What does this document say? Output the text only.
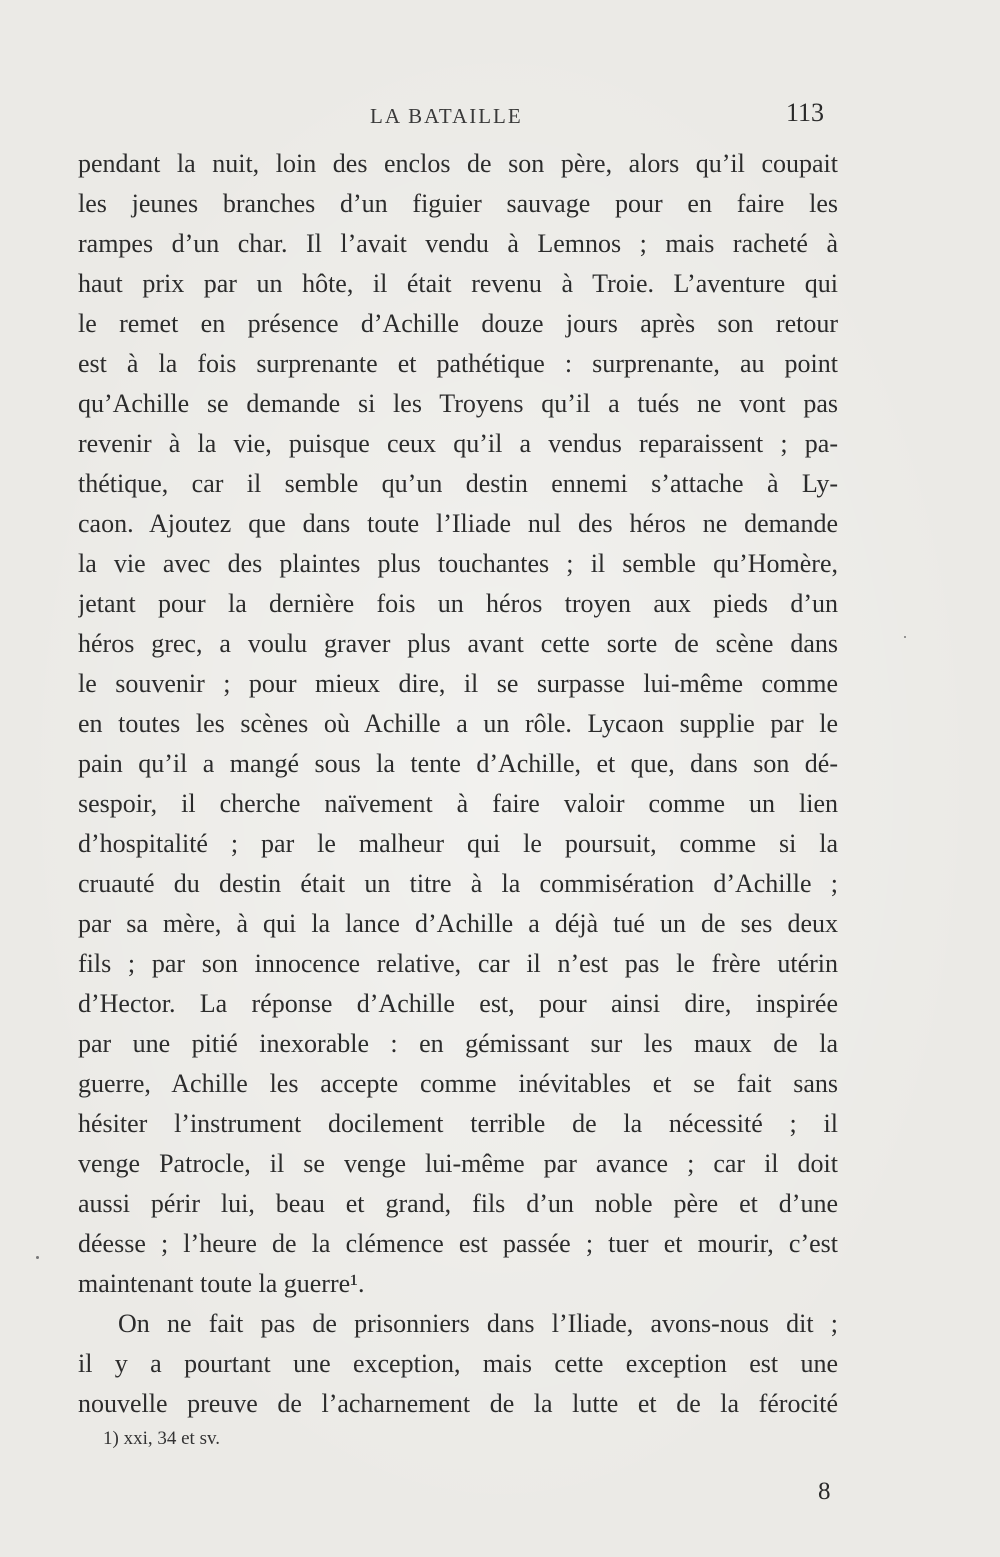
LA BATAILLE	113
pendant la nuit, loin des enclos de son père, alors qu’il coupait
les jeunes branches d’un figuier sauvage pour en faire les
rampes d’un char. Il l’avait vendu à Lemnos ; mais racheté à
haut prix par un hôte, il était revenu à Troie. L’aventure qui
le remet en présence d’Achille douze jours après son retour
est à la fois surprenante et pathétique : surprenante, au point
qu’Achille se demande si les Troyens qu’il a tués ne vont pas
revenir à la vie, puisque ceux qu’il a vendus reparaissent ; pa-
thétique, car il semble qu’un destin ennemi s’attache à Ly-
caon. Ajoutez que dans toute l’Iliade nul des héros ne demande
la vie avec des plaintes plus touchantes ; il semble qu’Homère,
jetant pour la dernière fois un héros troyen aux pieds d’un
héros grec, a voulu graver plus avant cette sorte de scène dans
le souvenir ; pour mieux dire, il se surpasse lui-même comme
en toutes les scènes où Achille a un rôle. Lycaon supplie par le
pain qu’il a mangé sous la tente d’Achille, et que, dans son dé-
sespoir, il cherche naïvement à faire valoir comme un lien
d’hospitalité ; par le malheur qui le poursuit, comme si la
cruauté du destin était un titre à la commisération d’Achille ;
par sa mère, à qui la lance d’Achille a déjà tué un de ses deux
fils ; par son innocence relative, car il n’est pas le frère utérin
d’Hector. La réponse d’Achille est, pour ainsi dire, inspirée
par une pitié inexorable : en gémissant sur les maux de la
guerre, Achille les accepte comme inévitables et se fait sans
hésiter l’instrument docilement terrible de la nécessité ; il
venge Patrocle, il se venge lui-même par avance ; car il doit
aussi périr lui, beau et grand, fils d’un noble père et d’une
déesse ; l’heure de la clémence est passée ; tuer et mourir, c’est
maintenant toute la guerre¹.
On ne fait pas de prisonniers dans l’Iliade, avons-nous dit ;
il y a pourtant une exception, mais cette exception est une
nouvelle preuve de l’acharnement de la lutte et de la férocité
1) xxi, 34 et sv.
8
